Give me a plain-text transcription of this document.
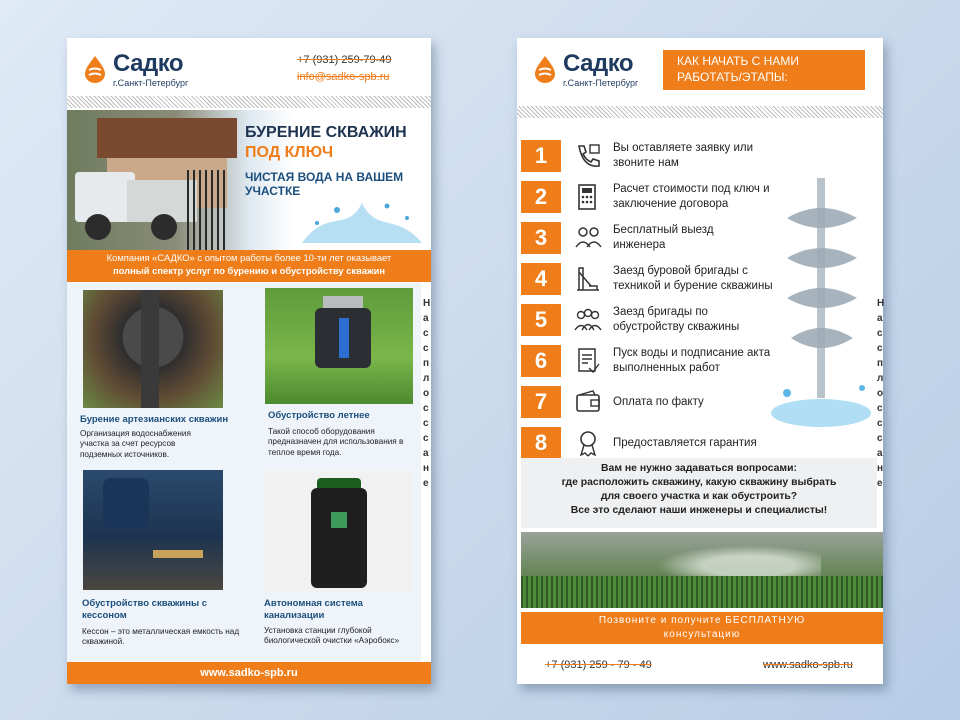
Садко
г.Санкт-Петербург
+7 (931) 259-79-49
info@sadko-spb.ru
БУРЕНИЕ СКВАЖИН
ПОД КЛЮЧ
ЧИСТАЯ ВОДА НА ВАШЕМ УЧАСТКЕ
Компания «САДКО» с опытом работы более 10-ти лет оказывает
полный спектр услуг по бурению и обустройству скважин
Бурение артезианских скважин
Организация водоснабжения участка за счет ресурсов подземных источников.
Обустройство летнее
Такой способ оборудования предназначен для использования в теплое время года.
Обустройство скважины с кессоном
Кессон – это металлическая емкость над скважиной.
Автономная система канализации
Установка станции глубокой биологической очистки «Аэробокс»
Н
а
с
с
п
л
о
с
с
с
а
н
е
www.sadko-spb.ru
Садко
г.Санкт-Петербург
КАК НАЧАТЬ С НАМИ РАБОТАТЬ/ЭТАПЫ:
1	Вы оставляете заявку или звоните нам
2	Расчет стоимости под ключ и заключение договора
3	Бесплатный выезд инженера
4	Заезд буровой бригады с техникой и бурение скважины
5	Заезд бригады по обустройству скважины
6	Пуск воды и подписание акта выполненных работ
7	Оплата по факту
8	Предоставляется гарантия
Вам не нужно задаваться вопросами:
где расположить скважину, какую скважину выбрать
для своего участка и как обустроить?
Все это сделают наши инженеры и специалисты!
Позвоните и получите БЕСПЛАТНУЮ
консультацию
+7 (931) 259 - 79 - 49	www.sadko-spb.ru
Н
а
с
с
п
л
о
с
с
с
а
н
е
